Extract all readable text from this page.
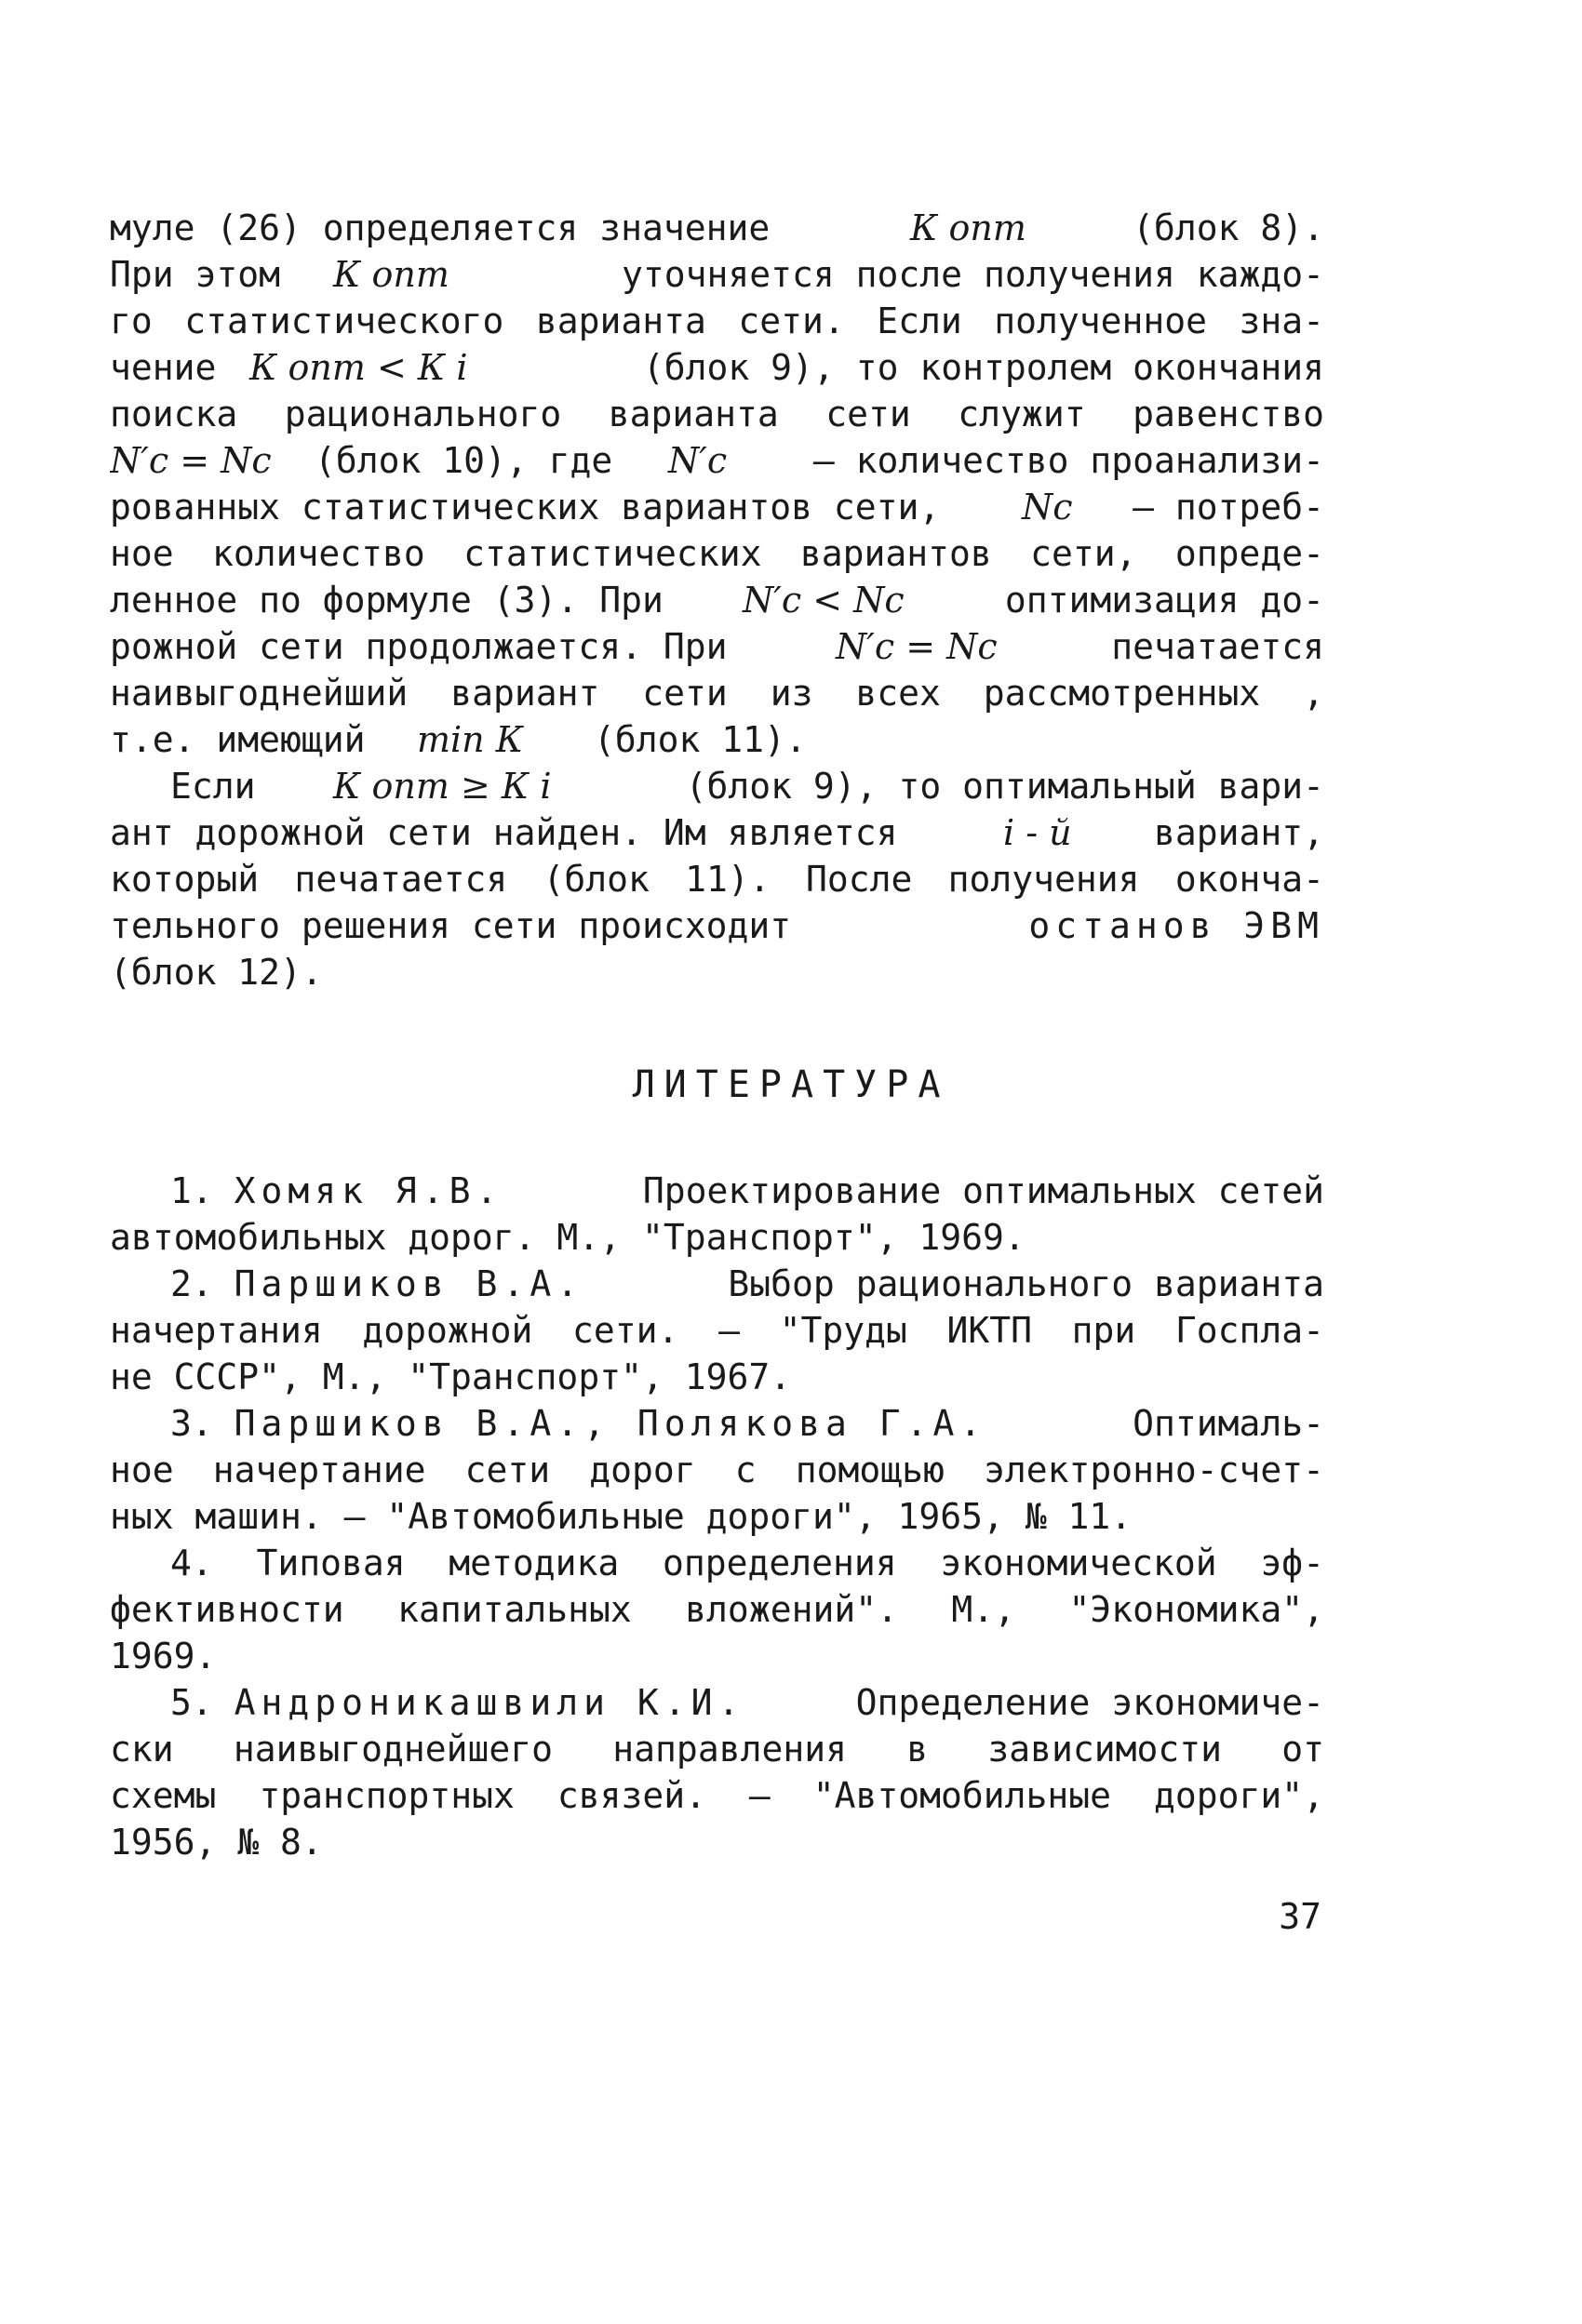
муле (26) определяется значение	К опт	(блок 8).
При этом К опт	уточняется после получения каждо-
го статистического варианта сети. Если полученное зна-
чение К опт < К i	(блок 9), то контролем окончания
поиска рационального варианта сети служит равенство
N′c = Nc (блок 10), где N′c – количество проанализи-
рованных статистических вариантов сети, Nc – потреб-
ное количество статистических вариантов сети, опреде-
ленное по формуле (3). При N′c < Nc	оптимизация до-
рожной сети продолжается. При	N′c = Nc	печатается
наивыгоднейший вариант сети из всех рассмотренных ,
т.е. имеющий min К (блок 11).
Если К опт ≥ К i	(блок 9), то оптимальный вари-
ант дорожной сети найден. Им является	i - й вариант,
который печатается (блок 11). После получения оконча-
тельного решения сети происходит	останов ЭВМ
(блок 12).
ЛИТЕРАТУРА
1. Хомяк Я.В.	Проектирование оптимальных сетей
автомобильных дорог. М., "Транспорт", 1969.
2. Паршиков В.А.	Выбор рационального варианта
начертания дорожной сети. – "Труды ИКТП при Госпла-
не СССР", М., "Транспорт", 1967.
3. Паршиков В.А., Полякова Г.А.	Оптималь-
ное начертание сети дорог с помощью электронно-счет-
ных машин. – "Автомобильные дороги", 1965, № 11.
4. Типовая методика определения экономической эф-
фективности капитальных вложений". М., "Экономика",
1969.
5. Андроникашвили К.И.	Определение экономиче-
ски наивыгоднейшего направления в зависимости от
схемы транспортных связей. – "Автомобильные дороги",
1956, № 8.
37
